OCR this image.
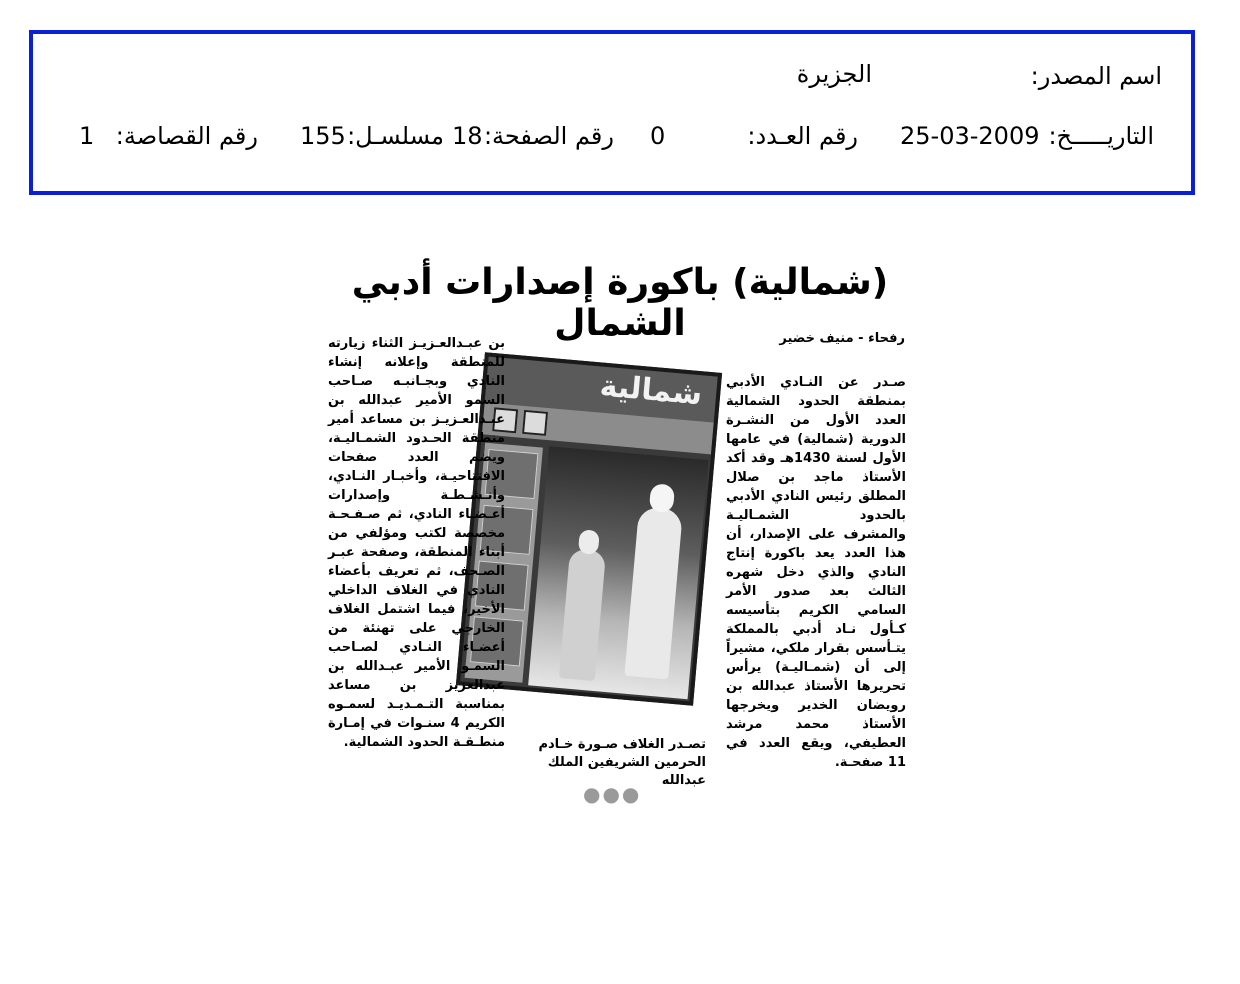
اسم المصدر:
الجزيرة
التاريـــــخ:
25-03-2009
رقم العـدد:
0
رقم الصفحة:
18
مسلسـل:
155
رقم القصاصة:
1
(شمالية) باكورة إصدارات أدبي الشمال	رفحاء - منيف خضير

صـدر عن النـادي الأدبي بمنطقة الحدود الشمالية العدد الأول من النشـرة الدورية (شمالية) في عامها الأول لسنة 1430هـ وقد أكد الأستاذ ماجد بن صلال المطلق رئيس النادي الأدبي بالحدود الشمـاليـة والمشرف على الإصدار، أن هذا العدد يعد باكورة إنتاج النادي والذي دخل شهره الثالث بعد صدور الأمر السامي الكريم بتأسيسه كـأول نـاد أدبي بالمملكة يتـأسس بقرار ملكي، مشيراً إلى أن (شمـاليـة) يرأس تحريرها الأستاذ عبدالله بن رويضان الخدير ويخرجها الأستاذ محمد مرشد العطيفي، ويقع العدد في 11 صفحـة.

شمالية
تصـدر الغلاف صـورة خـادم الحرمين الشريفين الملك عبدالله

بن عبـدالعـزيـز الثناء زيارته للمنطقة وإعلانه إنشاء النادي وبجـانبـه صـاحب السمو الأمير عبدالله بن عبـدالعـزيـز بن مساعد أمير منطقة الحـدود الشمـاليـة، ويضم العدد صفحات الافتتاحيـة، وأخبـار النـادي، وأنـشـطـة وإصدارات أعـضـاء النادي، ثم صـفـحـة مخصصة لكتب ومؤلفي من أبناء المنطقة، وصفحة عبـر الصـحف، ثم تعريف بأعضاء النادي في الغلاف الداخلي الأخير، فيما اشتمل الغلاف الخارجي على تهنئة من أعضـاء النـادي لصـاحب السمـو الأمير عبـدالله بن عبدالعزيز بن مساعد بمناسبة التـمـديـد لسمـوه الكريم 4 سنـوات في إمـارة منطـقـة الحدود الشمالية.

●●●
